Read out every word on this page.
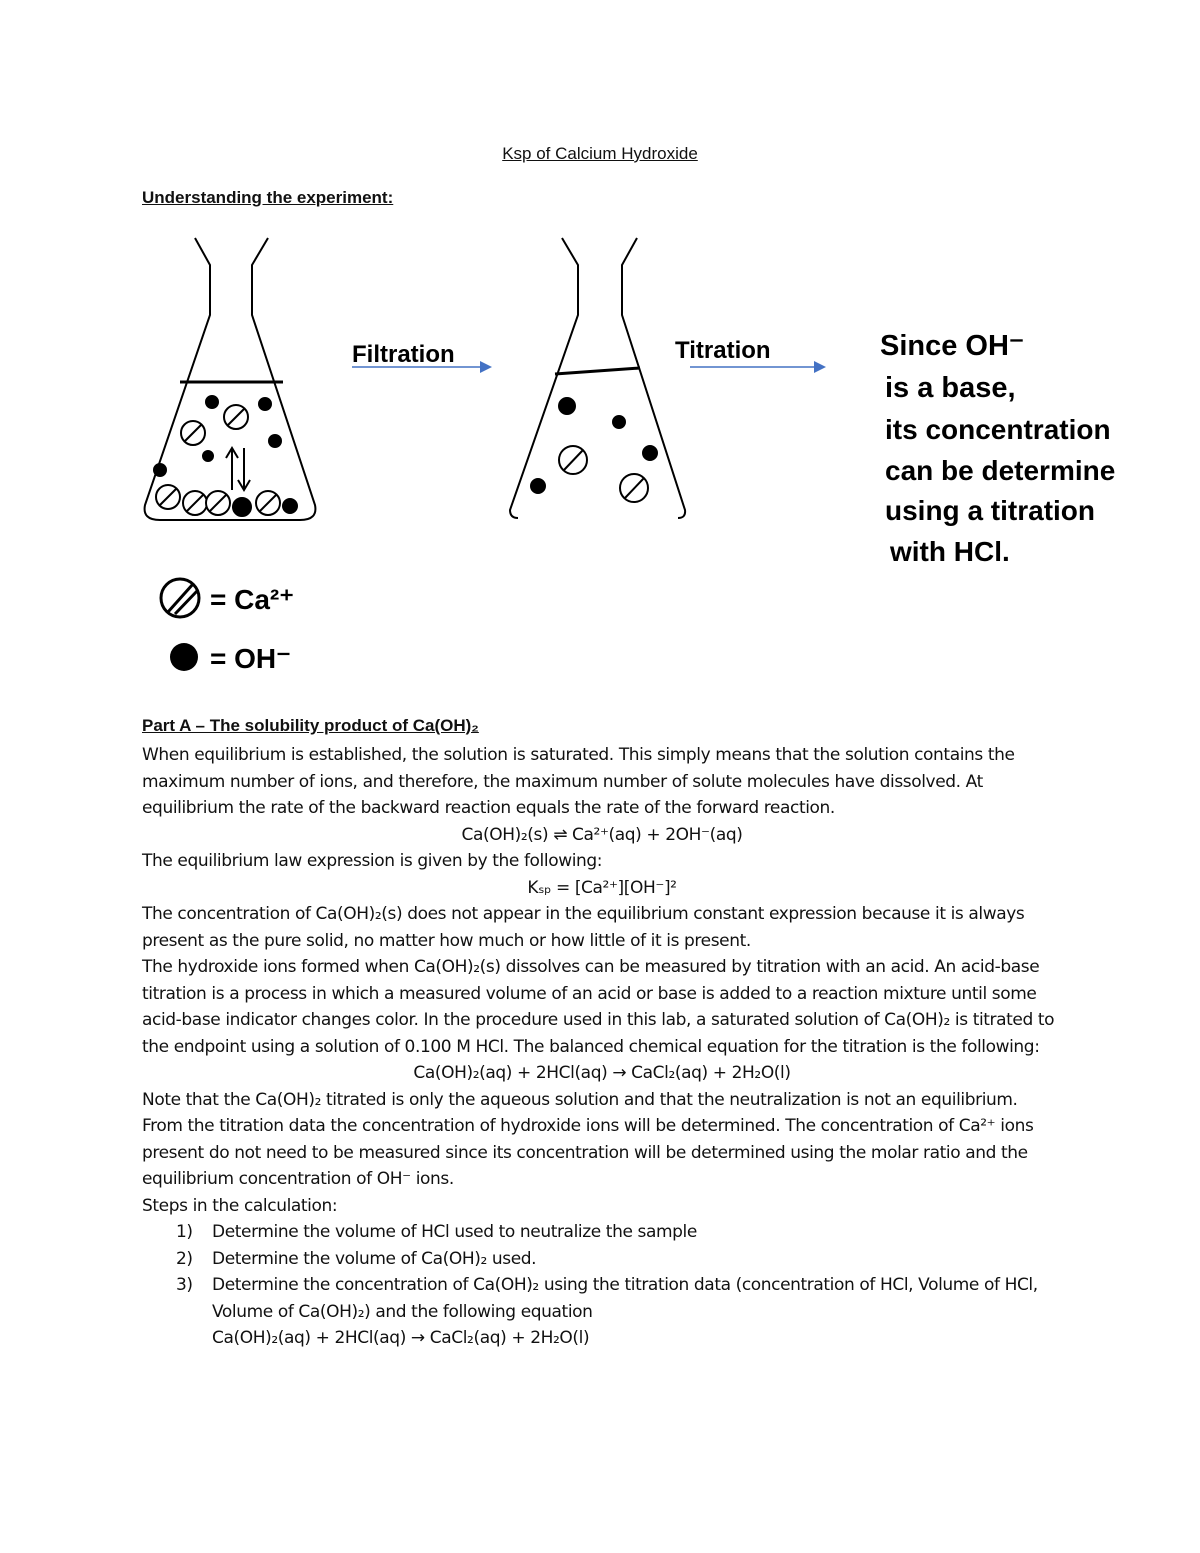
Ksp of Calcium Hydroxide
Understanding the experiment:
Filtration	Titration	Since OH⁻
is a base,
its concentration
can be determine
using a titration
with HCl.
= Ca²⁺
= OH⁻
Part A – The solubility product of Ca(OH)₂

When equilibrium is established, the solution is saturated. This simply means that the solution contains the maximum number of ions, and therefore, the maximum number of solute molecules have dissolved. At equilibrium the rate of the backward reaction equals the rate of the forward reaction.

Ca(OH)₂(s) ⇌ Ca²⁺(aq) + 2OH⁻(aq)

The equilibrium law expression is given by the following:

Kₛₚ = [Ca²⁺][OH⁻]²

The concentration of Ca(OH)₂(s) does not appear in the equilibrium constant expression because it is always present as the pure solid, no matter how much or how little of it is present.

The hydroxide ions formed when Ca(OH)₂(s) dissolves can be measured by titration with an acid. An acid-base titration is a process in which a measured volume of an acid or base is added to a reaction mixture until some acid-base indicator changes color. In the procedure used in this lab, a saturated solution of Ca(OH)₂ is titrated to the endpoint using a solution of 0.100 M HCl. The balanced chemical equation for the titration is the following:

Ca(OH)₂(aq) + 2HCl(aq) → CaCl₂(aq) + 2H₂O(l)

Note that the Ca(OH)₂ titrated is only the aqueous solution and that the neutralization is not an equilibrium. From the titration data the concentration of hydroxide ions will be determined. The concentration of Ca²⁺ ions present do not need to be measured since its concentration will be determined using the molar ratio and the equilibrium concentration of OH⁻ ions.

Steps in the calculation:

1) Determine the volume of HCl used to neutralize the sample
2) Determine the volume of Ca(OH)₂ used.
3) Determine the concentration of Ca(OH)₂ using the titration data (concentration of HCl, Volume of HCl, Volume of Ca(OH)₂) and the following equation
Ca(OH)₂(aq) + 2HCl(aq) → CaCl₂(aq) + 2H₂O(l)
